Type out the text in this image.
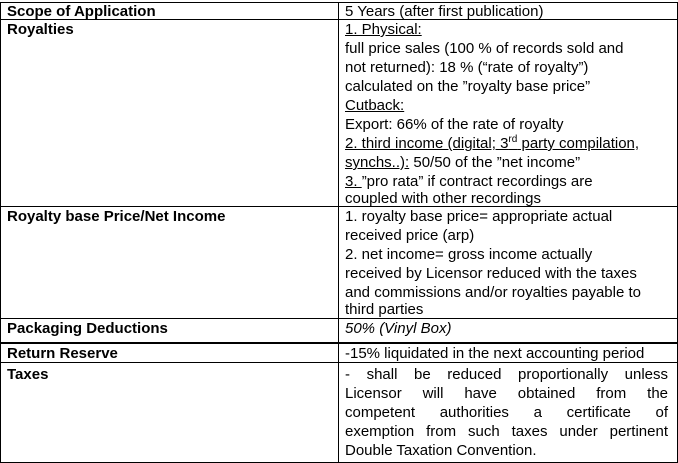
Scope of Application	5 Years (after first publication)
Royalties	1. Physical:
full price sales (100 % of records sold and
not returned): 18 % (“rate of royalty”)
calculated on the ”royalty base price”
Cutback:
Export: 66% of the rate of royalty
2. third income (digital; 3rd party compilation,
synchs..): 50/50 of the ”net income”
3. ”pro rata” if contract recordings are
coupled with other recordings
Royalty base Price/Net Income	1. royalty base price= appropriate actual
received price (arp)
2. net income= gross income actually
received by Licensor reduced with the taxes
and commissions and/or royalties payable to
third parties
Packaging Deductions	50% (Vinyl Box)
Return Reserve	-15% liquidated in the next accounting period
Taxes	- shall be reduced proportionally unless
Licensor will have obtained from the
competent authorities a certificate of
exemption from such taxes under pertinent
Double Taxation Convention.
